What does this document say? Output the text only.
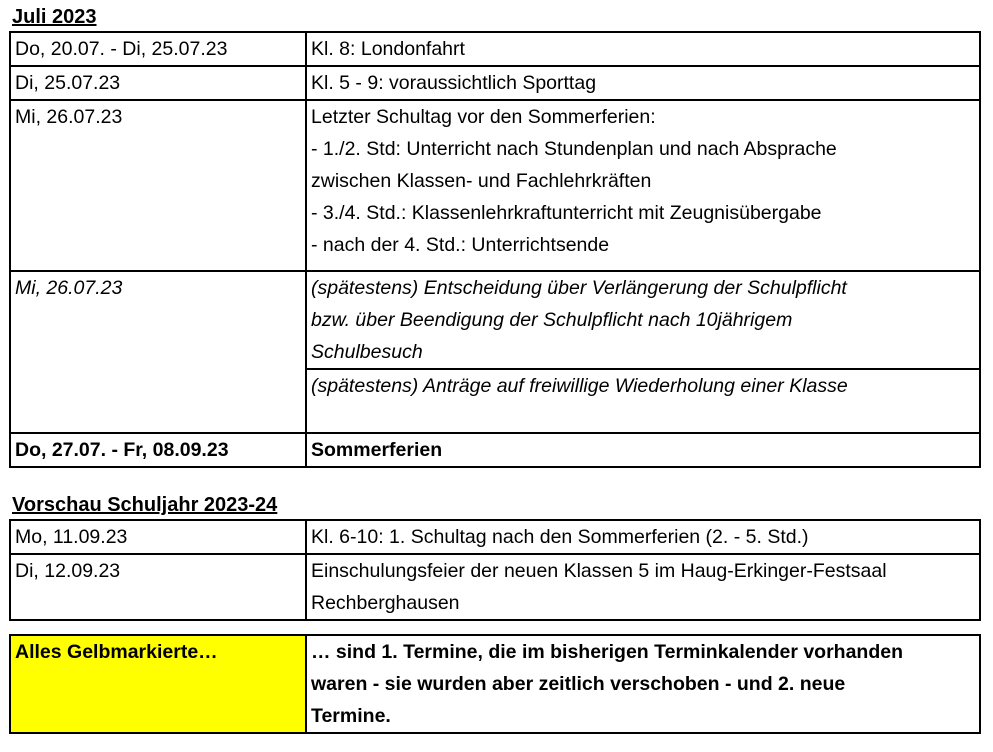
Juli 2023
Do, 20.07. - Di, 25.07.23	Kl. 8: Londonfahrt
Di, 25.07.23	Kl. 5 - 9: voraussichtlich Sporttag
Mi, 26.07.23	Letzter Schultag vor den Sommerferien:
- 1./2. Std: Unterricht nach Stundenplan und nach Absprache
zwischen Klassen- und Fachlehrkräften
- 3./4. Std.: Klassenlehrkraftunterricht mit Zeugnisübergabe
- nach der 4. Std.: Unterrichtsende

Mi, 26.07.23	(spätestens) Entscheidung über Verlängerung der Schulpflicht
bzw. über Beendigung der Schulpflicht nach 10jährigem
Schulbesuch

	(spätestens) Anträge auf freiwillige Wiederholung einer Klasse
Do, 27.07. - Fr, 08.09.23	Sommerferien
Vorschau Schuljahr 2023-24
Mo, 11.09.23	Kl. 6-10: 1. Schultag nach den Sommerferien (2. - 5. Std.)
Di, 12.09.23	Einschulungsfeier der neuen Klassen 5 im Haug-Erkinger-Festsaal
Rechberghausen
Alles Gelbmarkierte…	… sind 1. Termine, die im bisherigen Terminkalender vorhanden
waren - sie wurden aber zeitlich verschoben - und 2. neue
Termine.
